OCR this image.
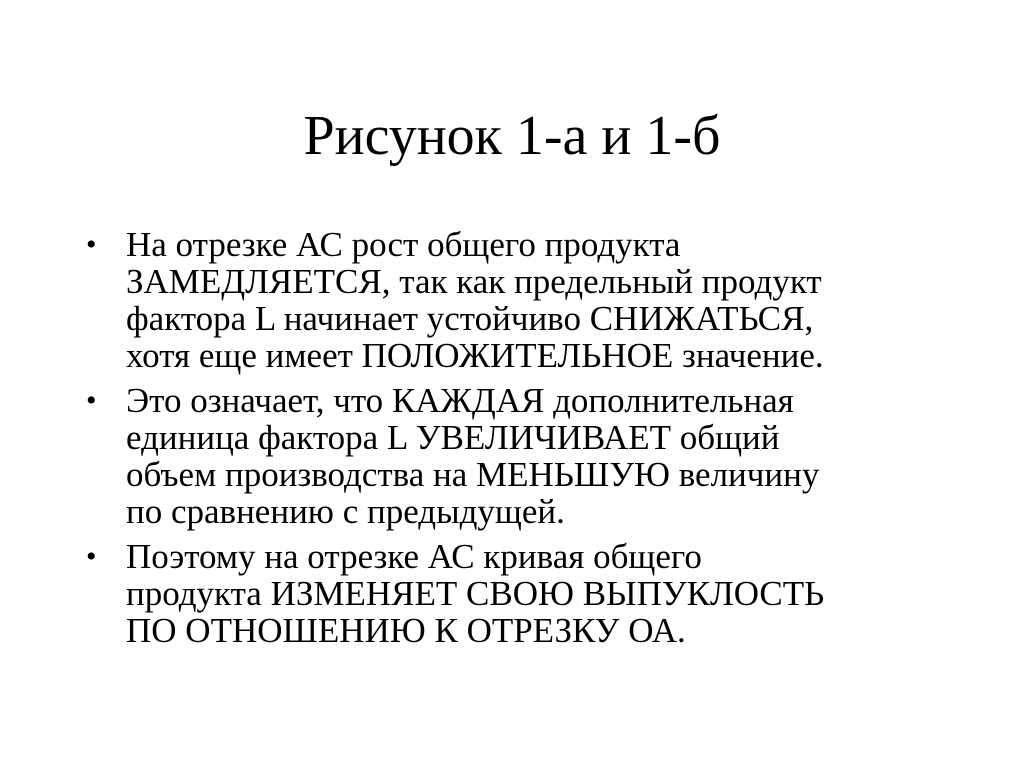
Рисунок 1-а и 1-б
• На отрезке АС рост общего продукта
ЗАМЕДЛЯЕТСЯ, так как предельный продукт
фактора L начинает устойчиво СНИЖАТЬСЯ,
хотя еще имеет ПОЛОЖИТЕЛЬНОЕ значение.
• Это означает, что КАЖДАЯ дополнительная
единица фактора L УВЕЛИЧИВАЕТ общий
объем производства на МЕНЬШУЮ величину
по сравнению с предыдущей.
• Поэтому на отрезке АС кривая общего
продукта ИЗМЕНЯЕТ СВОЮ ВЫПУКЛОСТЬ
ПО ОТНОШЕНИЮ К ОТРЕЗКУ ОА.
